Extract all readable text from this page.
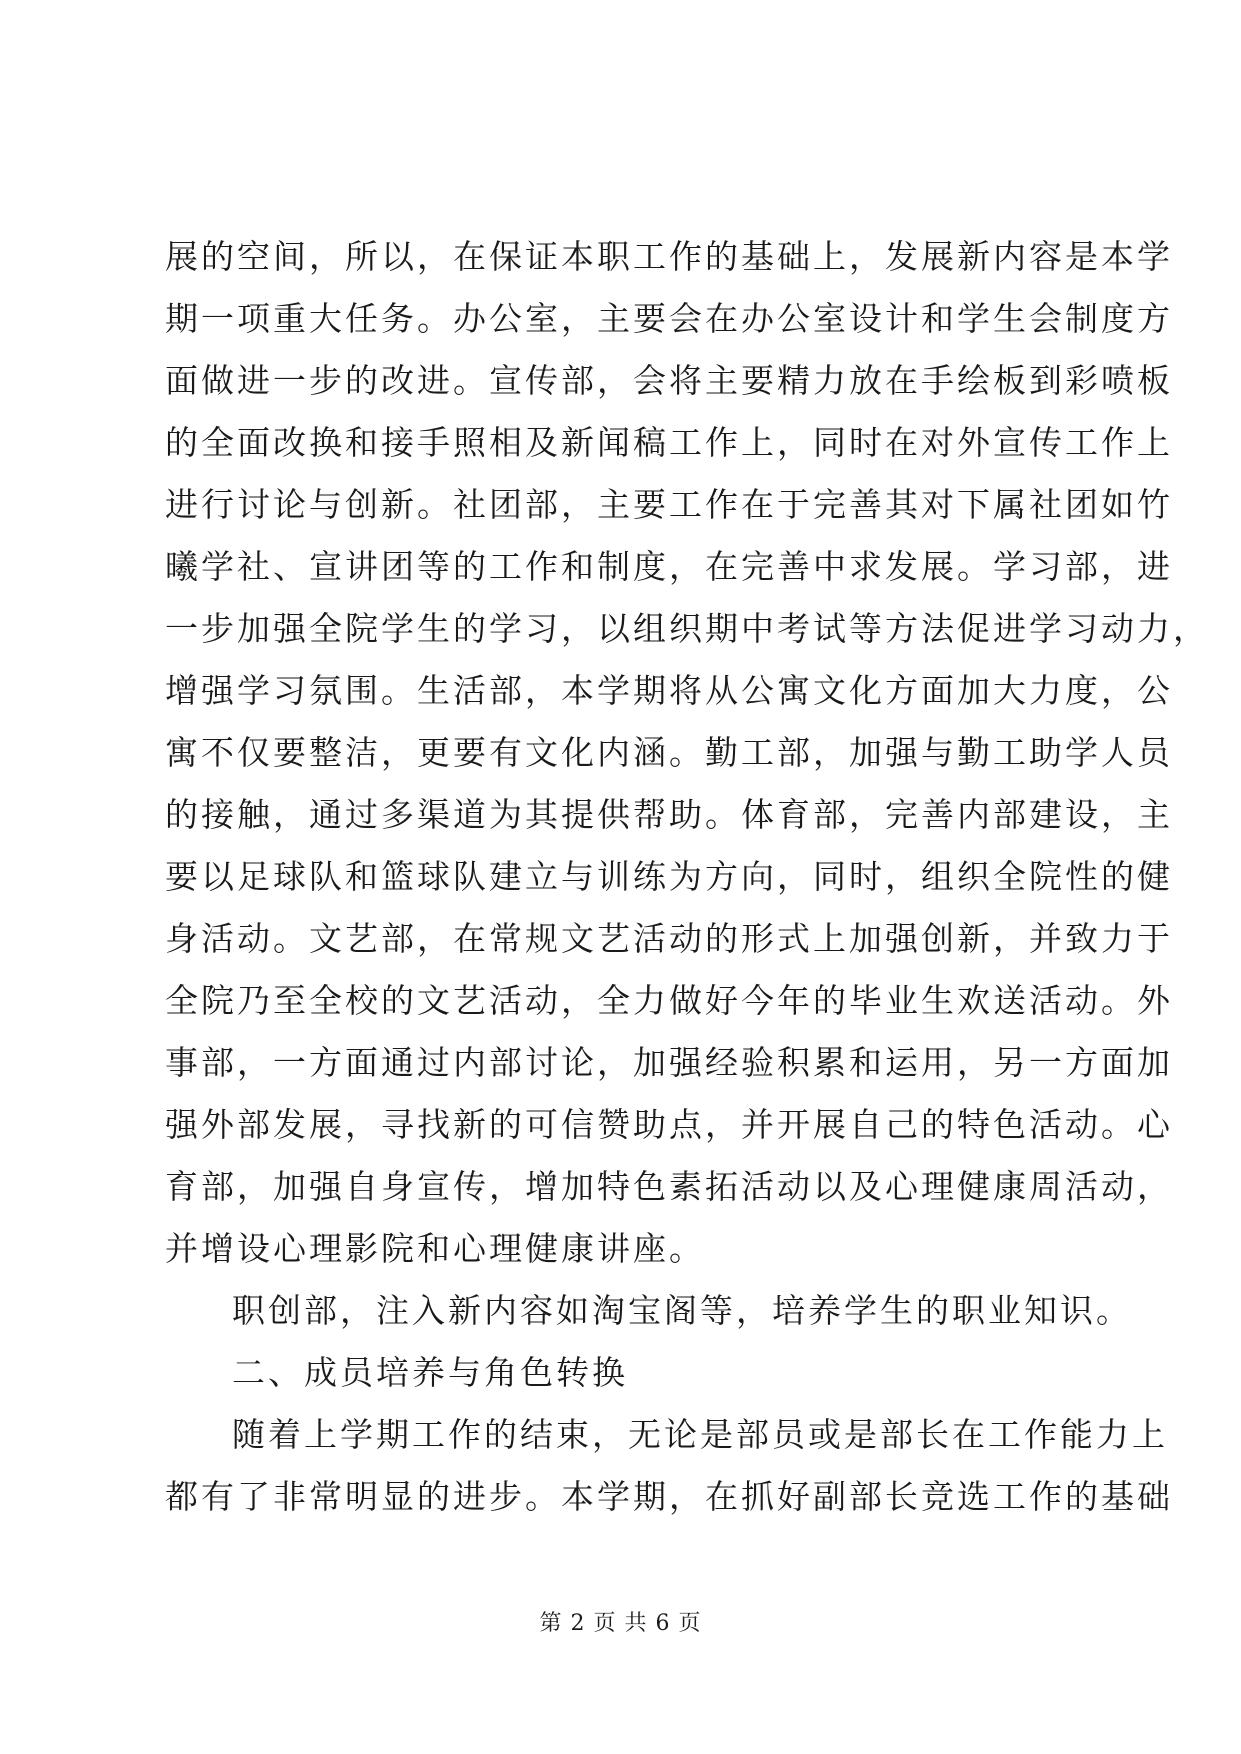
展的空间，所以，在保证本职工作的基础上，发展新内容是本学
期一项重大任务。办公室，主要会在办公室设计和学生会制度方
面做进一步的改进。宣传部，会将主要精力放在手绘板到彩喷板
的全面改换和接手照相及新闻稿工作上，同时在对外宣传工作上
进行讨论与创新。社团部，主要工作在于完善其对下属社团如竹
曦学社、宣讲团等的工作和制度，在完善中求发展。学习部，进
一步加强全院学生的学习，以组织期中考试等方法促进学习动力，
增强学习氛围。生活部，本学期将从公寓文化方面加大力度，公
寓不仅要整洁，更要有文化内涵。勤工部，加强与勤工助学人员
的接触，通过多渠道为其提供帮助。体育部，完善内部建设，主
要以足球队和篮球队建立与训练为方向，同时，组织全院性的健
身活动。文艺部，在常规文艺活动的形式上加强创新，并致力于
全院乃至全校的文艺活动，全力做好今年的毕业生欢送活动。外
事部，一方面通过内部讨论，加强经验积累和运用，另一方面加
强外部发展，寻找新的可信赞助点，并开展自己的特色活动。心
育部，加强自身宣传，增加特色素拓活动以及心理健康周活动，
并增设心理影院和心理健康讲座。
职创部，注入新内容如淘宝阁等，培养学生的职业知识。
二、成员培养与角色转换
随着上学期工作的结束，无论是部员或是部长在工作能力上
都有了非常明显的进步。本学期，在抓好副部长竞选工作的基础
第 2 页 共 6 页
